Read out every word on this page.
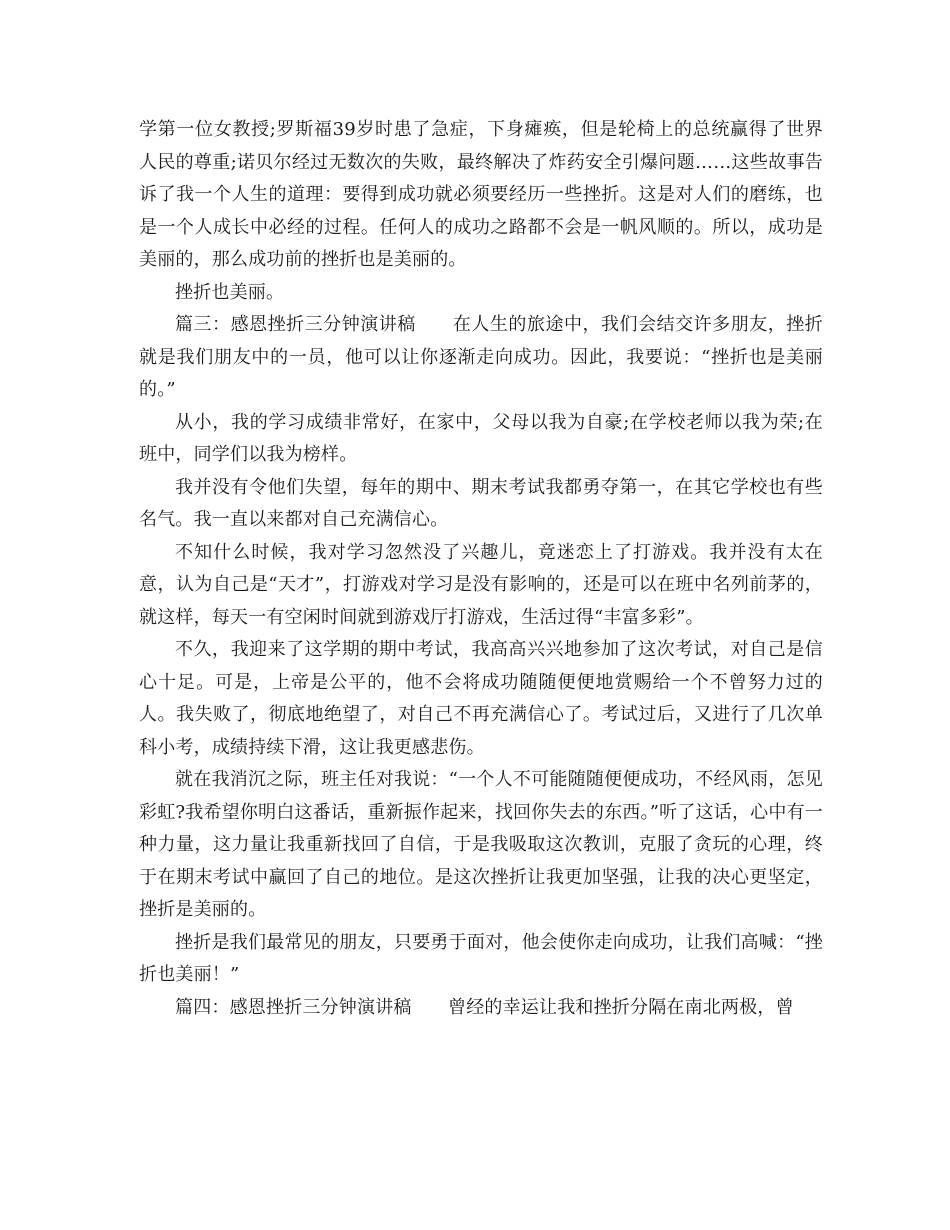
学第一位女教授;罗斯福39岁时患了急症，下身瘫痪，但是轮椅上的总统赢得了世界人民的尊重;诺贝尔经过无数次的失败，最终解决了炸药安全引爆问题……这些故事告诉了我一个人生的道理：要得到成功就必须要经历一些挫折。这是对人们的磨练，也是一个人成长中必经的过程。任何人的成功之路都不会是一帆风顺的。所以，成功是美丽的，那么成功前的挫折也是美丽的。

挫折也美丽。

篇三：感恩挫折三分钟演讲稿　　在人生的旅途中，我们会结交许多朋友，挫折就是我们朋友中的一员，他可以让你逐渐走向成功。因此，我要说：“挫折也是美丽的。”

从小，我的学习成绩非常好，在家中，父母以我为自豪;在学校老师以我为荣;在班中，同学们以我为榜样。

我并没有令他们失望，每年的期中、期末考试我都勇夺第一，在其它学校也有些名气。我一直以来都对自己充满信心。

不知什么时候，我对学习忽然没了兴趣儿，竟迷恋上了打游戏。我并没有太在意，认为自己是“天才”，打游戏对学习是没有影响的，还是可以在班中名列前茅的，就这样，每天一有空闲时间就到游戏厅打游戏，生活过得“丰富多彩”。

不久，我迎来了这学期的期中考试，我高高兴兴地参加了这次考试，对自己是信心十足。可是，上帝是公平的，他不会将成功随随便便地赏赐给一个不曾努力过的人。我失败了，彻底地绝望了，对自己不再充满信心了。考试过后，又进行了几次单科小考，成绩持续下滑，这让我更感悲伤。

就在我消沉之际，班主任对我说：“一个人不可能随随便便成功，不经风雨，怎见彩虹?我希望你明白这番话，重新振作起来，找回你失去的东西。”听了这话，心中有一种力量，这力量让我重新找回了自信，于是我吸取这次教训，克服了贪玩的心理，终于在期末考试中赢回了自己的地位。是这次挫折让我更加坚强，让我的决心更坚定，挫折是美丽的。

挫折是我们最常见的朋友，只要勇于面对，他会使你走向成功，让我们高喊：“挫折也美丽！”

篇四：感恩挫折三分钟演讲稿　　曾经的幸运让我和挫折分隔在南北两极，曾
